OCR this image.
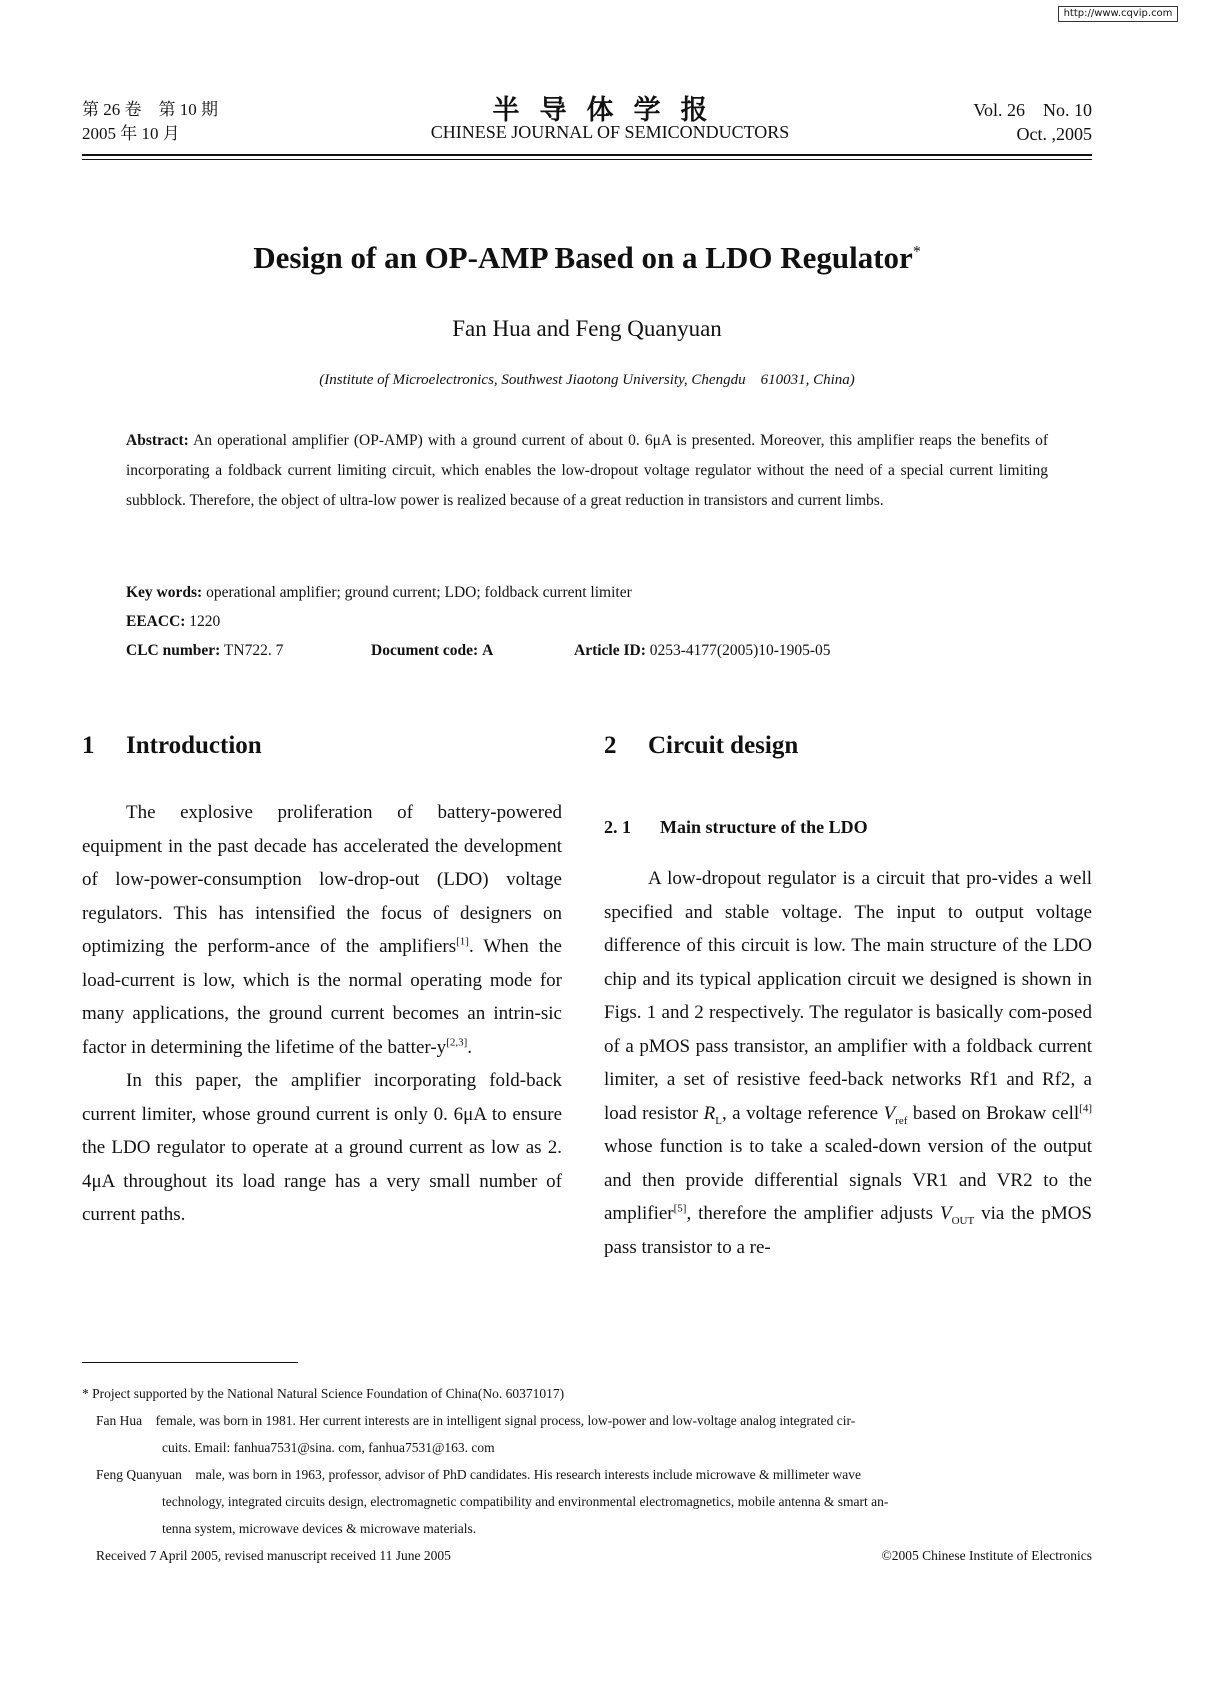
http://www.cqvip.com
第 26 卷　第 10 期
2005 年 10 月
半导体学报
CHINESE JOURNAL OF SEMICONDUCTORS
Vol. 26　No. 10
Oct. ,2005
Design of an OP-AMP Based on a LDO Regulator*
Fan Hua and Feng Quanyuan
(Institute of Microelectronics, Southwest Jiaotong University, Chengdu　610031, China)
Abstract: An operational amplifier (OP-AMP) with a ground current of about 0. 6μA is presented. Moreover, this amplifier reaps the benefits of incorporating a foldback current limiting circuit, which enables the low-dropout voltage regulator without the need of a special current limiting subblock. Therefore, the object of ultra-low power is realized because of a great reduction in transistors and current limbs.
Key words: operational amplifier; ground current; LDO; foldback current limiter
EEACC: 1220
CLC number: TN722. 7	Document code: A	Article ID: 0253-4177(2005)10-1905-05
1 Introduction

The explosive proliferation of battery-powered equipment in the past decade has accelerated the development of low-power-consumption low-drop-out (LDO) voltage regulators. This has intensified the focus of designers on optimizing the perform-ance of the amplifiers[1]. When the load-current is low, which is the normal operating mode for many applications, the ground current becomes an intrin-sic factor in determining the lifetime of the batter-y[2,3].

In this paper, the amplifier incorporating fold-back current limiter, whose ground current is only 0. 6μA to ensure the LDO regulator to operate at a ground current as low as 2. 4μA throughout its load range has a very small number of current paths.

2 Circuit design
2. 1 Main structure of the LDO

A low-dropout regulator is a circuit that pro-vides a well specified and stable voltage. The input to output voltage difference of this circuit is low. The main structure of the LDO chip and its typical application circuit we designed is shown in Figs. 1 and 2 respectively. The regulator is basically com-posed of a pMOS pass transistor, an amplifier with a foldback current limiter, a set of resistive feed-back networks Rf1 and Rf2, a load resistor $R_L$, a voltage reference $V_{ref}$ based on Brokaw cell[4] whose function is to take a scaled-down version of the output and then provide differential signals VR1 and VR2 to the amplifier[5], therefore the amplifier adjusts $V_{OUT}$ via the pMOS pass transistor to a re-

* Project supported by the National Natural Science Foundation of China(No. 60371017)
Fan Hua　 female, was born in 1981. Her current interests are in intelligent signal process, low-power and low-voltage analog integrated cir-
cuits. Email: fanhua7531@sina. com, fanhua7531@163. com
Feng Quanyuan　 male, was born in 1963, professor, advisor of PhD candidates. His research interests include microwave & millimeter wave
technology, integrated circuits design, electromagnetic compatibility and environmental electromagnetics, mobile antenna & smart an-
tenna system, microwave devices & microwave materials.
Received 7 April 2005, revised manuscript received 11 June 2005	©2005 Chinese Institute of Electronics
